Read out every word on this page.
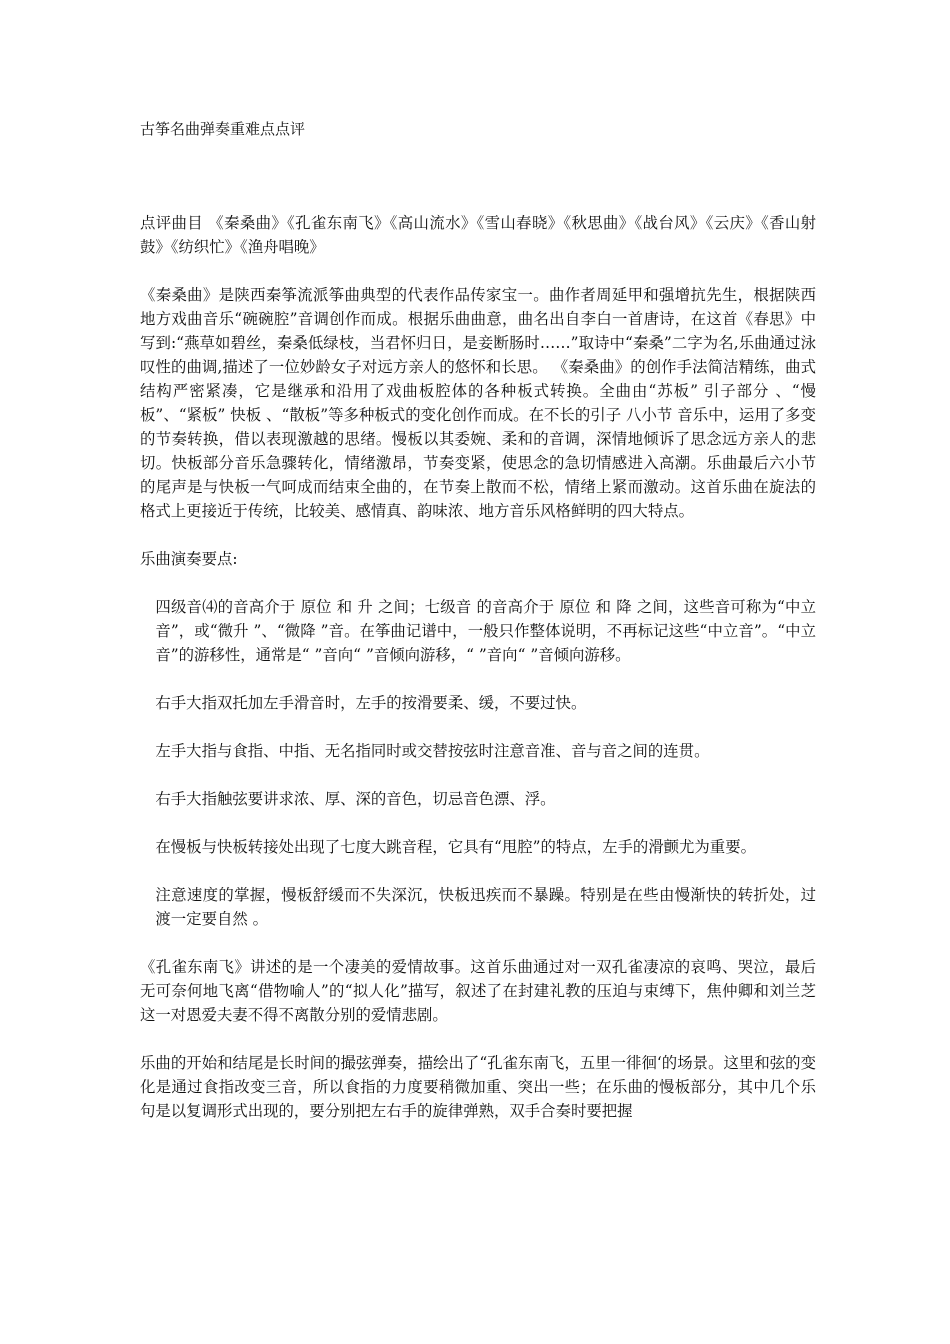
古筝名曲弹奏重难点点评

点评曲目 《秦桑曲》《孔雀东南飞》《高山流水》《雪山春晓》《秋思曲》《战台风》《云庆》《香山射鼓》《纺织忙》《渔舟唱晚》

《秦桑曲》是陕西秦筝流派筝曲典型的代表作品传家宝一。曲作者周延甲和强增抗先生，根据陕西地方戏曲音乐“碗碗腔”音调创作而成。根据乐曲曲意，曲名出自李白一首唐诗，在这首《春思》中写到:“燕草如碧丝，秦桑低绿枝，当君怀归日，是妾断肠时……”取诗中“秦桑”二字为名,乐曲通过泳叹性的曲调,描述了一位妙龄女子对远方亲人的悠怀和长思。 《秦桑曲》的创作手法简洁精练，曲式结构严密紧凑，它是继承和沿用了戏曲板腔体的各种板式转换。全曲由“苏板” 引子部分 、“慢板”、“紧板” 快板 、“散板”等多种板式的变化创作而成。在不长的引子 八小节 音乐中，运用了多变的节奏转换，借以表现激越的思绪。慢板以其委婉、柔和的音调，深情地倾诉了思念远方亲人的悲切。快板部分音乐急骤转化，情绪激昂，节奏变紧，使思念的急切情感进入高潮。乐曲最后六小节的尾声是与快板一气呵成而结束全曲的，在节奏上散而不松，情绪上紧而激动。这首乐曲在旋法的格式上更接近于传统，比较美、感情真、韵味浓、地方音乐风格鲜明的四大特点。

乐曲演奏要点:

四级音⑷的音高介于 原位 和 升 之间；七级音 的音高介于 原位 和 降 之间，这些音可称为“中立音”，或“微升 ”、“微降 ”音。在筝曲记谱中，一般只作整体说明，不再标记这些“中立音”。“中立音”的游移性，通常是“ ”音向“ ”音倾向游移，“ ”音向“ ”音倾向游移。

右手大指双托加左手滑音时，左手的按滑要柔、缓，不要过快。

左手大指与食指、中指、无名指同时或交替按弦时注意音准、音与音之间的连贯。

右手大指触弦要讲求浓、厚、深的音色，切忌音色漂、浮。

在慢板与快板转接处出现了七度大跳音程，它具有“甩腔”的特点，左手的滑颤尤为重要。

注意速度的掌握，慢板舒缓而不失深沉，快板迅疾而不暴躁。特别是在些由慢渐快的转折处，过渡一定要自然 。

《孔雀东南飞》讲述的是一个凄美的爱情故事。这首乐曲通过对一双孔雀凄凉的哀鸣、哭泣，最后无可奈何地飞离“借物喻人”的“拟人化”描写，叙述了在封建礼教的压迫与束缚下，焦仲卿和刘兰芝这一对恩爱夫妻不得不离散分别的爱情悲剧。

乐曲的开始和结尾是长时间的撮弦弹奏，描绘出了“孔雀东南飞，五里一徘徊‘的场景。这里和弦的变化是通过食指改变三音，所以食指的力度要稍微加重、突出一些；在乐曲的慢板部分，其中几个乐句是以复调形式出现的，要分别把左右手的旋律弹熟，双手合奏时要把握
